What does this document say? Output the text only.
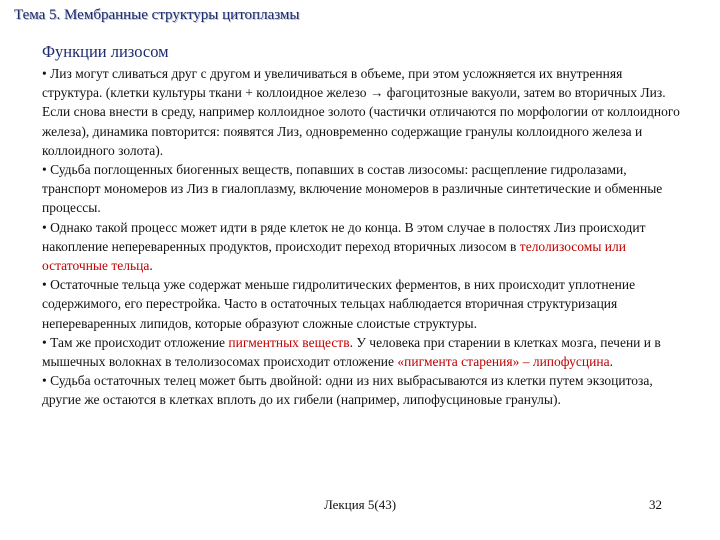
Тема 5. Мембранные структуры цитоплазмы
Функции лизосом

• Лиз могут сливаться друг с другом и увеличиваться в объеме, при этом усложняется их внутренняя структура. (клетки культуры ткани + коллоидное железо → фагоцитозные вакуоли, затем во вторичных Лиз. Если снова внести в среду, например коллоидное золото (частички отличаются по морфологии от коллоидного железа), динамика повторится: появятся Лиз, одновременно содержащие гранулы коллоидного железа и коллоидного золота).

• Судьба поглощенных биогенных веществ, попавших в состав лизосомы: расщепление гидролазами, транспорт мономеров из Лиз в гиалоплазму, включение мономеров в различные синтетические и обменные процессы.

• Однако такой процесс может идти в ряде клеток не до конца. В этом случае в полостях Лиз происходит накопление непереваренных продуктов, происходит переход вторичных лизосом в телолизосомы или остаточные тельца.

• Остаточные тельца уже содержат меньше гидролитических ферментов, в них происходит уплотнение содержимого, его перестройка. Часто в остаточных тельцах наблюдается вторичная структуризация непереваренных липидов, которые образуют сложные слоистые структуры.

• Там же происходит отложение пигментных веществ. У человека при старении в клетках мозга, печени и в мышечных волокнах в телолизосомах происходит отложение «пигмента старения» – липофусцина.

• Судьба остаточных телец может быть двойной: одни из них выбрасываются из клетки путем экзоцитоза, другие же остаются в клетках вплоть до их гибели (например, липофусциновые гранулы).

Лекция 5(43)	32
